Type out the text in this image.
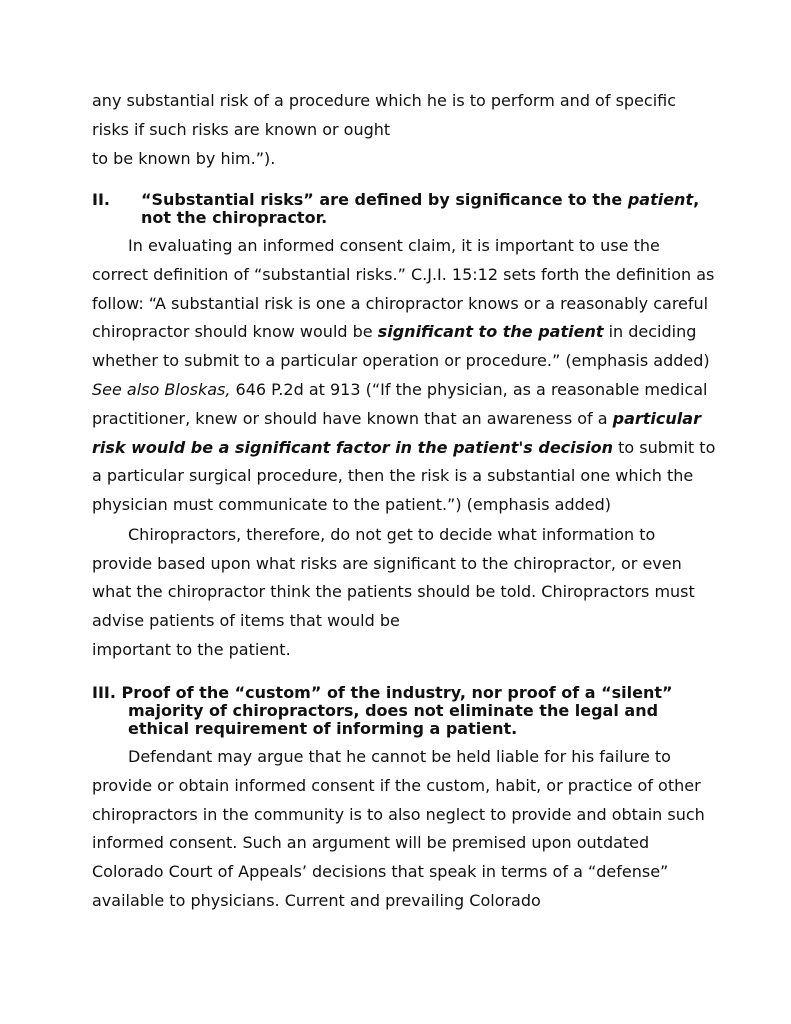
any substantial risk of a procedure which he is to perform and of specific
risks if such risks are known or ought
to be known by him.”).
II. “Substantial risks” are defined by significance to the patient,
not the chiropractor.
In evaluating an informed consent claim, it is important to use the
correct definition of “substantial risks.” C.J.I. 15:12 sets forth the definition as
follow: “A substantial risk is one a chiropractor knows or a reasonably careful
chiropractor should know would be significant to the patient in deciding
whether to submit to a particular operation or procedure.” (emphasis added)
See also Bloskas, 646 P.2d at 913 (“If the physician, as a reasonable medical
practitioner, knew or should have known that an awareness of a particular
risk would be a significant factor in the patient's decision to submit to
a particular surgical procedure, then the risk is a substantial one which the
physician must communicate to the patient.”) (emphasis added)
Chiropractors, therefore, do not get to decide what information to
provide based upon what risks are significant to the chiropractor, or even
what the chiropractor think the patients should be told. Chiropractors must
advise patients of items that would be
important to the patient.
III. Proof of the “custom” of the industry, nor proof of a “silent”
majority of chiropractors, does not eliminate the legal and
ethical requirement of informing a patient.
Defendant may argue that he cannot be held liable for his failure to
provide or obtain informed consent if the custom, habit, or practice of other
chiropractors in the community is to also neglect to provide and obtain such
informed consent. Such an argument will be premised upon outdated
Colorado Court of Appeals’ decisions that speak in terms of a “defense”
available to physicians. Current and prevailing Colorado
